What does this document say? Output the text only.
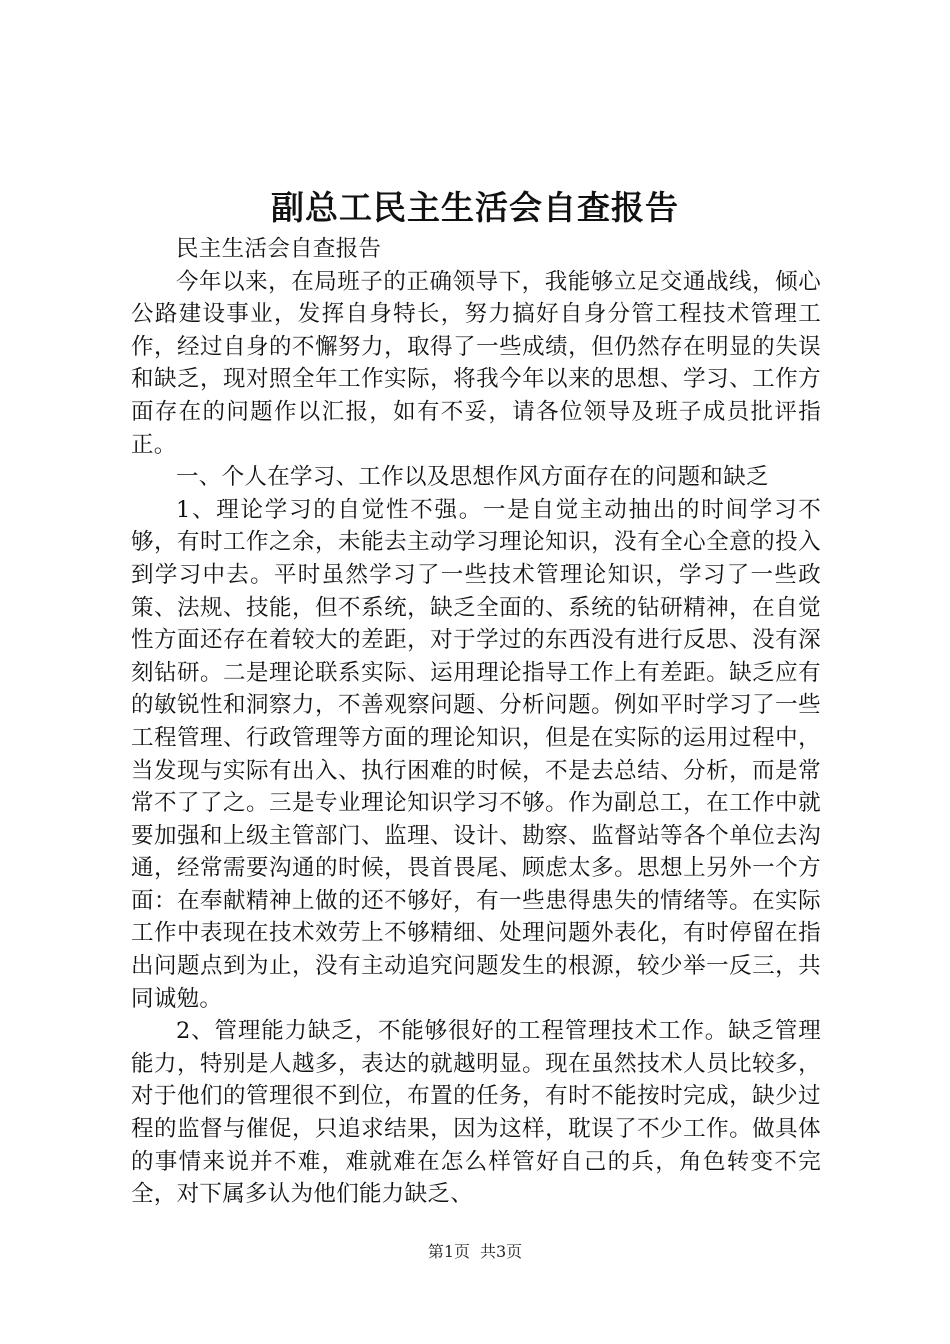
副总工民主生活会自查报告

民主生活会自查报告

今年以来，在局班子的正确领导下，我能够立足交通战线，倾心公路建设事业，发挥自身特长，努力搞好自身分管工程技术管理工作，经过自身的不懈努力，取得了一些成绩，但仍然存在明显的失误和缺乏，现对照全年工作实际，将我今年以来的思想、学习、工作方面存在的问题作以汇报，如有不妥，请各位领导及班子成员批评指正。

一、个人在学习、工作以及思想作风方面存在的问题和缺乏

1、理论学习的自觉性不强。一是自觉主动抽出的时间学习不够，有时工作之余，未能去主动学习理论知识，没有全心全意的投入到学习中去。平时虽然学习了一些技术管理论知识，学习了一些政策、法规、技能，但不系统，缺乏全面的、系统的钻研精神，在自觉性方面还存在着较大的差距，对于学过的东西没有进行反思、没有深刻钻研。二是理论联系实际、运用理论指导工作上有差距。缺乏应有的敏锐性和洞察力，不善观察问题、分析问题。例如平时学习了一些工程管理、行政管理等方面的理论知识，但是在实际的运用过程中，当发现与实际有出入、执行困难的时候，不是去总结、分析，而是常常不了了之。三是专业理论知识学习不够。作为副总工，在工作中就要加强和上级主管部门、监理、设计、勘察、监督站等各个单位去沟通，经常需要沟通的时候，畏首畏尾、顾虑太多。思想上另外一个方面：在奉献精神上做的还不够好，有一些患得患失的情绪等。在实际工作中表现在技术效劳上不够精细、处理问题外表化，有时停留在指出问题点到为止，没有主动追究问题发生的根源，较少举一反三，共同诚勉。

2、管理能力缺乏，不能够很好的工程管理技术工作。缺乏管理能力，特别是人越多，表达的就越明显。现在虽然技术人员比较多，对于他们的管理很不到位，布置的任务，有时不能按时完成，缺少过程的监督与催促，只追求结果，因为这样，耽误了不少工作。做具体的事情来说并不难，难就难在怎么样管好自己的兵，角色转变不完全，对下属多认为他们能力缺乏、

第1页 共3页
